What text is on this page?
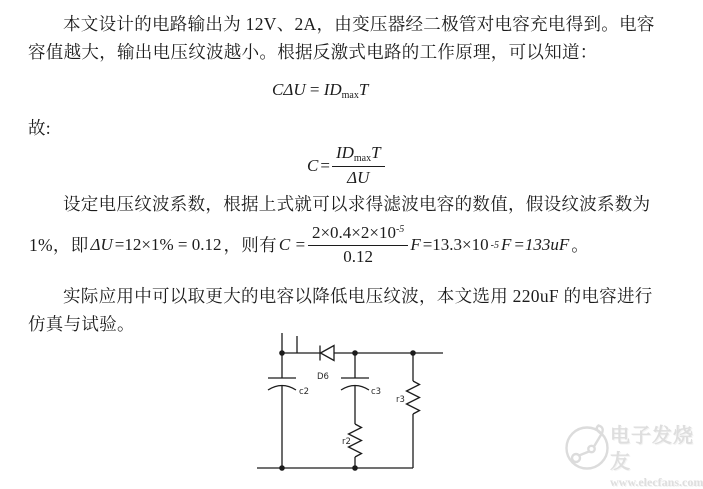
本文设计的电路输出为 12V、2A，由变压器经二极管对电容充电得到。电容
容值越大，输出电压纹波越小。根据反激式电路的工作原理，可以知道：
CΔU = IDmaxT
故:
$C = \frac{IDmaxT}{\Delta U}$
设定电压纹波系数，根据上式就可以求得滤波电容的数值，假设纹波系数为
1%，即 ΔU =12×1% = 0.12 ，则有 $C = \frac{2\times 0.4\times 2\times 10^{-5}}{0.12}$ F =13.3×10 -5 F =133uF 。
实际应用中可以取更大的电容以降低电压纹波，本文选用 220uF 的电容进行
仿真与试验。
D6
c2	c3
r2
r3
电子发烧友
www.elecfans.com
